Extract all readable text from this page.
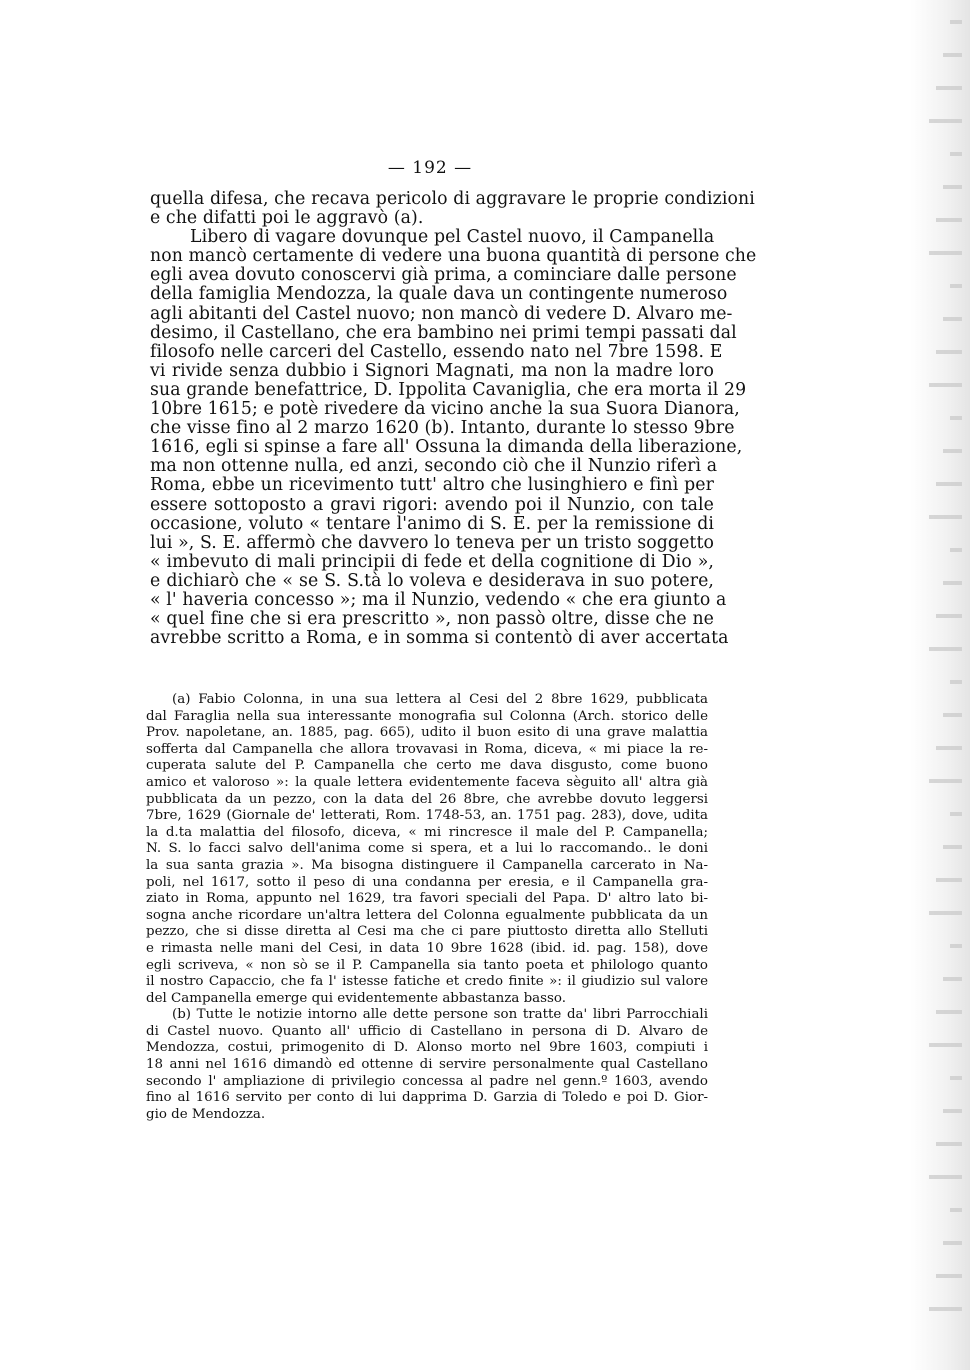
— 192 —
quella difesa, che recava pericolo di aggravare le proprie condizioni
e che difatti poi le aggravò (a).
Libero di vagare dovunque pel Castel nuovo, il Campanella
non mancò certamente di vedere una buona quantità di persone che
egli avea dovuto conoscervi già prima, a cominciare dalle persone
della famiglia Mendozza, la quale dava un contingente numeroso
agli abitanti del Castel nuovo; non mancò di vedere D. Alvaro me-
desimo, il Castellano, che era bambino nei primi tempi passati dal
filosofo nelle carceri del Castello, essendo nato nel 7bre 1598. E
vi rivide senza dubbio i Signori Magnati, ma non la madre loro
sua grande benefattrice, D. Ippolita Cavaniglia, che era morta il 29
10bre 1615; e potè rivedere da vicino anche la sua Suora Dianora,
che visse fino al 2 marzo 1620 (b). Intanto, durante lo stesso 9bre
1616, egli si spinse a fare all' Ossuna la dimanda della liberazione,
ma non ottenne nulla, ed anzi, secondo ciò che il Nunzio riferì a
Roma, ebbe un ricevimento tutt' altro che lusinghiero e finì per
essere sottoposto a gravi rigori: avendo poi il Nunzio, con tale
occasione, voluto « tentare l'animo di S. E. per la remissione di
lui », S. E. affermò che davvero lo teneva per un tristo soggetto
« imbevuto di mali principii di fede et della cognitione di Dio »,
e dichiarò che « se S. S.tà lo voleva e desiderava in suo potere,
« l' haveria concesso »; ma il Nunzio, vedendo « che era giunto a
« quel fine che si era prescritto », non passò oltre, disse che ne
avrebbe scritto a Roma, e in somma si contentò di aver accertata
(a) Fabio Colonna, in una sua lettera al Cesi del 2 8bre 1629, pubblicata
dal Faraglia nella sua interessante monografia sul Colonna (Arch. storico delle
Prov. napoletane, an. 1885, pag. 665), udito il buon esito di una grave malattia
sofferta dal Campanella che allora trovavasi in Roma, diceva, « mi piace la re-
cuperata salute del P. Campanella che certo me dava disgusto, come buono
amico et valoroso »: la quale lettera evidentemente faceva sèguito all' altra già
pubblicata da un pezzo, con la data del 26 8bre, che avrebbe dovuto leggersi
7bre, 1629 (Giornale de' letterati, Rom. 1748-53, an. 1751 pag. 283), dove, udita
la d.ta malattia del filosofo, diceva, « mi rincresce il male del P. Campanella;
N. S. lo facci salvo dell'anima come si spera, et a lui lo raccomando.. le doni
la sua santa grazia ». Ma bisogna distinguere il Campanella carcerato in Na-
poli, nel 1617, sotto il peso di una condanna per eresia, e il Campanella gra-
ziato in Roma, appunto nel 1629, tra favori speciali del Papa. D' altro lato bi-
sogna anche ricordare un'altra lettera del Colonna egualmente pubblicata da un
pezzo, che si disse diretta al Cesi ma che ci pare piuttosto diretta allo Stelluti
e rimasta nelle mani del Cesi, in data 10 9bre 1628 (ibid. id. pag. 158), dove
egli scriveva, « non sò se il P. Campanella sia tanto poeta et philologo quanto
il nostro Capaccio, che fa l' istesse fatiche et credo finite »: il giudizio sul valore
del Campanella emerge qui evidentemente abbastanza basso.
(b) Tutte le notizie intorno alle dette persone son tratte da' libri Parrocchiali
di Castel nuovo. Quanto all' ufficio di Castellano in persona di D. Alvaro de
Mendozza, costui, primogenito di D. Alonso morto nel 9bre 1603, compiuti i
18 anni nel 1616 dimandò ed ottenne di servire personalmente qual Castellano
secondo l' ampliazione di privilegio concessa al padre nel genn.º 1603, avendo
fino al 1616 servito per conto di lui dapprima D. Garzia di Toledo e poi D. Gior-
gio de Mendozza.
